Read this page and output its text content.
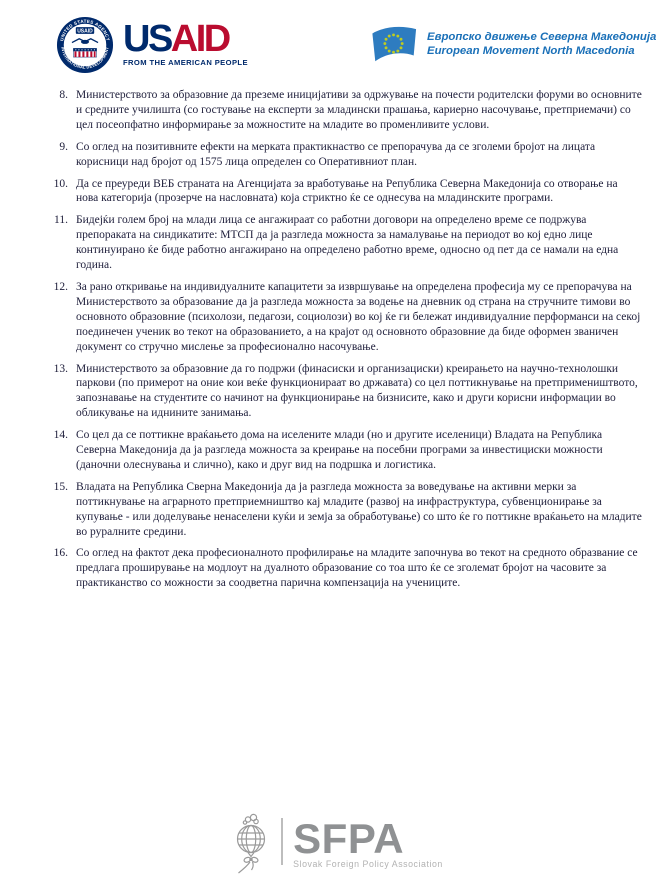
UNITED STATES AGENCY
INTERNATIONAL DEVELOPMENT
USAID USAID
FROM THE AMERICAN PEOPLE
Европско движење Северна Македонија
European Movement North Macedonia
8. Министерството за образовние да преземе иницијативи за одржување на почести родителски форуми во основните и средните училишта (со гостување на експерти за младински прашања, кариерно насочување, претприемачи) со цел посеопфатно информирање за можностите на младите во променливите услови.
9. Со оглед на позитивните ефекти на мерката практикнаство се препорачува да се зголеми бројот на лицата корисници над бројот од 1575 лица определен со Оперативниот план.
10. Да се преуреди ВЕБ страната на Агенцијата за вработување на Република Северна Македонија со отворање на нова категорија (прозерче на насловната) која стриктно ќе се однесува на младинските програми.
11. Бидејќи голем број на млади лица се ангажираат со работни договори на определено време се подржува препораката на синдикатите: МТСП да ја разгледа можноста за намалување на периодот во кој едно лице континуирано ќе биде работно ангажирано на определено работно време, односно од пет да се намали на една година.
12. За рано откривање на индивидуалните капацитети за извршување на определена професија му се препорачува на Министерството за образование да ја разгледа можноста за водење на дневник од страна на стручните тимови во основното образовние (психолози, педагози, социолози) во кој ќе ги бележат индивидуалние перформанси на секој поединечен ученик во текот на образованието, а на крајот од основното образовние да биде оформен званичен документ со стручно мислење за професионално насочување.
13. Министерството за образовние да го подржи (финасиски и организациски) креирањето на научно-технолошки паркови (по примерот на оние кои веќе функционираат во државата) со цел поттикнување на претпримеништвото, запознавање на студентите со начинот на функционирање на бизнисите, како и други корисни информации во обликување на иднините занимања.
14. Со цел да се поттикне враќањето дома на иселените млади (но и другите иселеници) Владата на Република Северна Македонија да ја разгледа можноста за креирање на посебни програми за инвестициски можности (даночни олеснувања и слично), како и друг вид на подршка и логистика.
15. Владата на Република Сверна Македонија да ја разгледа можноста за воведување на активни мерки за поттикнување на аграрното претприемништво кај младите (развој на инфраструктура, субвенционирање за купување - или доделување ненаселени куќи и земја за обработување) со што ќе го поттикне враќањето на младите во руралните средини.
16. Со оглед на фактот дека професионалното профилирање на младите започнува во текот на средното образвание се предлага проширување на модлоут на дуалното образование со тоа што ќе се зголемат бројот на часовите за практиканство со можности за соодветна парична компензација на учениците.
SFPA
Slovak Foreign Policy Association
